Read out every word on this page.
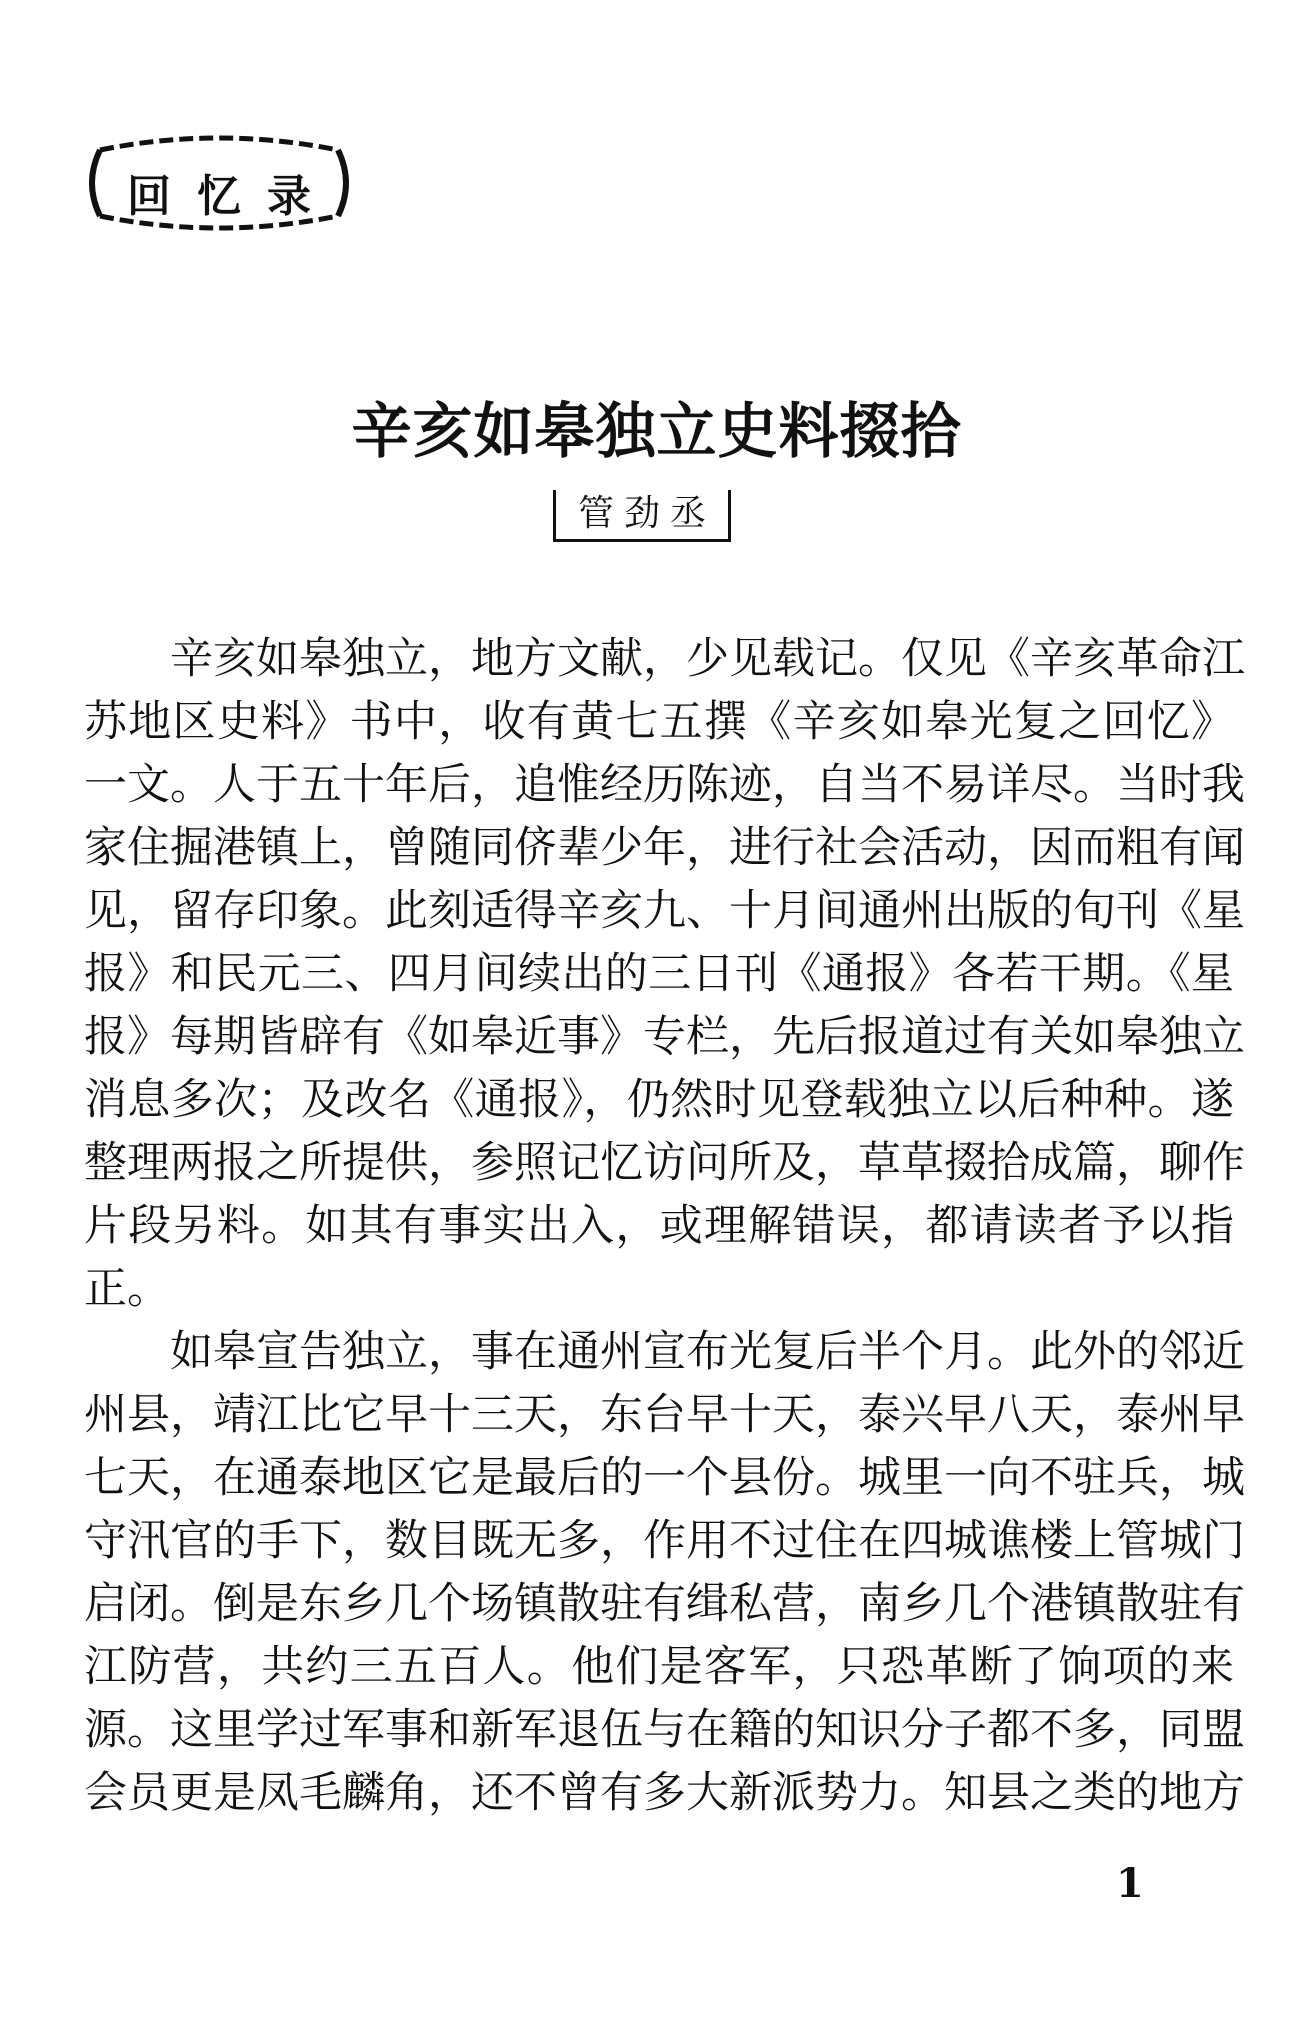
回忆录
辛亥如皋独立史料掇拾
管劲丞
辛亥如皋独立，地方文献，少见载记。仅见《辛亥革命江
苏地区史料》书中，收有黄七五撰《辛亥如皋光复之回忆》
一文。人于五十年后，追惟经历陈迹，自当不易详尽。当时我
家住掘港镇上，曾随同侪辈少年，进行社会活动，因而粗有闻
见，留存印象。此刻适得辛亥九、十月间通州出版的旬刊《星
报》和民元三、四月间续出的三日刊《通报》各若干期。《星
报》每期皆辟有《如皋近事》专栏，先后报道过有关如皋独立
消息多次；及改名《通报》，仍然时见登载独立以后种种。遂
整理两报之所提供，参照记忆访问所及，草草掇拾成篇，聊作
片段另料。如其有事实出入，或理解错误，都请读者予以指
正。
如皋宣告独立，事在通州宣布光复后半个月。此外的邻近
州县，靖江比它早十三天，东台早十天，泰兴早八天，泰州早
七天，在通泰地区它是最后的一个县份。城里一向不驻兵，城
守汛官的手下，数目既无多，作用不过住在四城谯楼上管城门
启闭。倒是东乡几个场镇散驻有缉私营，南乡几个港镇散驻有
江防营，共约三五百人。他们是客军，只恐革断了饷项的来
源。这里学过军事和新军退伍与在籍的知识分子都不多，同盟
会员更是凤毛麟角，还不曾有多大新派势力。知县之类的地方
1
